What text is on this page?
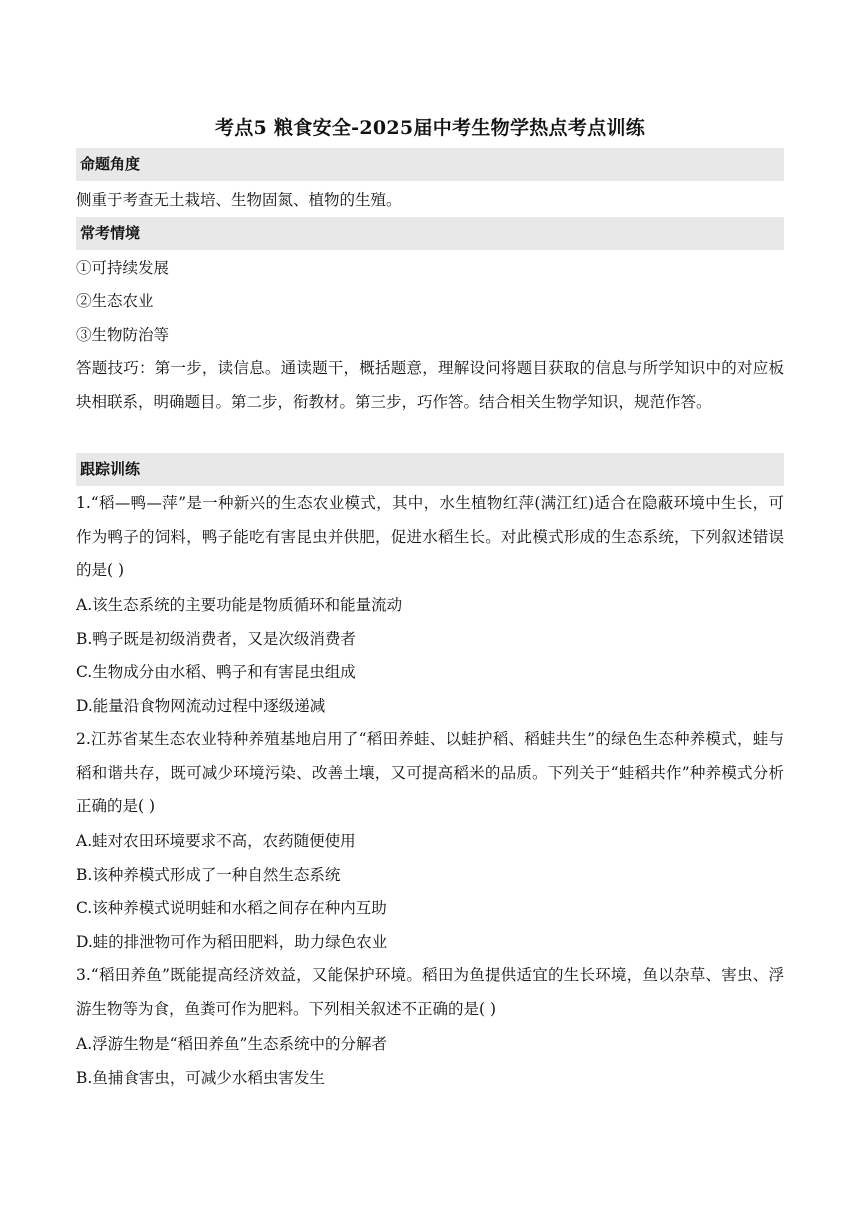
考点5 粮食安全-2025届中考生物学热点考点训练
命题角度
侧重于考查无土栽培、生物固氮、植物的生殖。
常考情境
①可持续发展
②生态农业
③生物防治等
答题技巧：第一步，读信息。通读题干，概括题意，理解设问将题目获取的信息与所学知识中的对应板块相联系，明确题目。第二步，衔教材。第三步，巧作答。结合相关生物学知识，规范作答。
跟踪训练
1.“稻—鸭—萍”是一种新兴的生态农业模式，其中，水生植物红萍(满江红)适合在隐蔽环境中生长，可作为鸭子的饲料，鸭子能吃有害昆虫并供肥，促进水稻生长。对此模式形成的生态系统，下列叙述错误的是( )
A.该生态系统的主要功能是物质循环和能量流动
B.鸭子既是初级消费者，又是次级消费者
C.生物成分由水稻、鸭子和有害昆虫组成
D.能量沿食物网流动过程中逐级递减
2.江苏省某生态农业特种养殖基地启用了“稻田养蛙、以蛙护稻、稻蛙共生”的绿色生态种养模式，蛙与稻和谐共存，既可减少环境污染、改善土壤，又可提高稻米的品质。下列关于“蛙稻共作”种养模式分析正确的是( )
A.蛙对农田环境要求不高，农药随便使用
B.该种养模式形成了一种自然生态系统
C.该种养模式说明蛙和水稻之间存在种内互助
D.蛙的排泄物可作为稻田肥料，助力绿色农业
3.“稻田养鱼”既能提高经济效益，又能保护环境。稻田为鱼提供适宜的生长环境，鱼以杂草、害虫、浮游生物等为食，鱼粪可作为肥料。下列相关叙述不正确的是( )
A.浮游生物是“稻田养鱼”生态系统中的分解者
B.鱼捕食害虫，可减少水稻虫害发生
